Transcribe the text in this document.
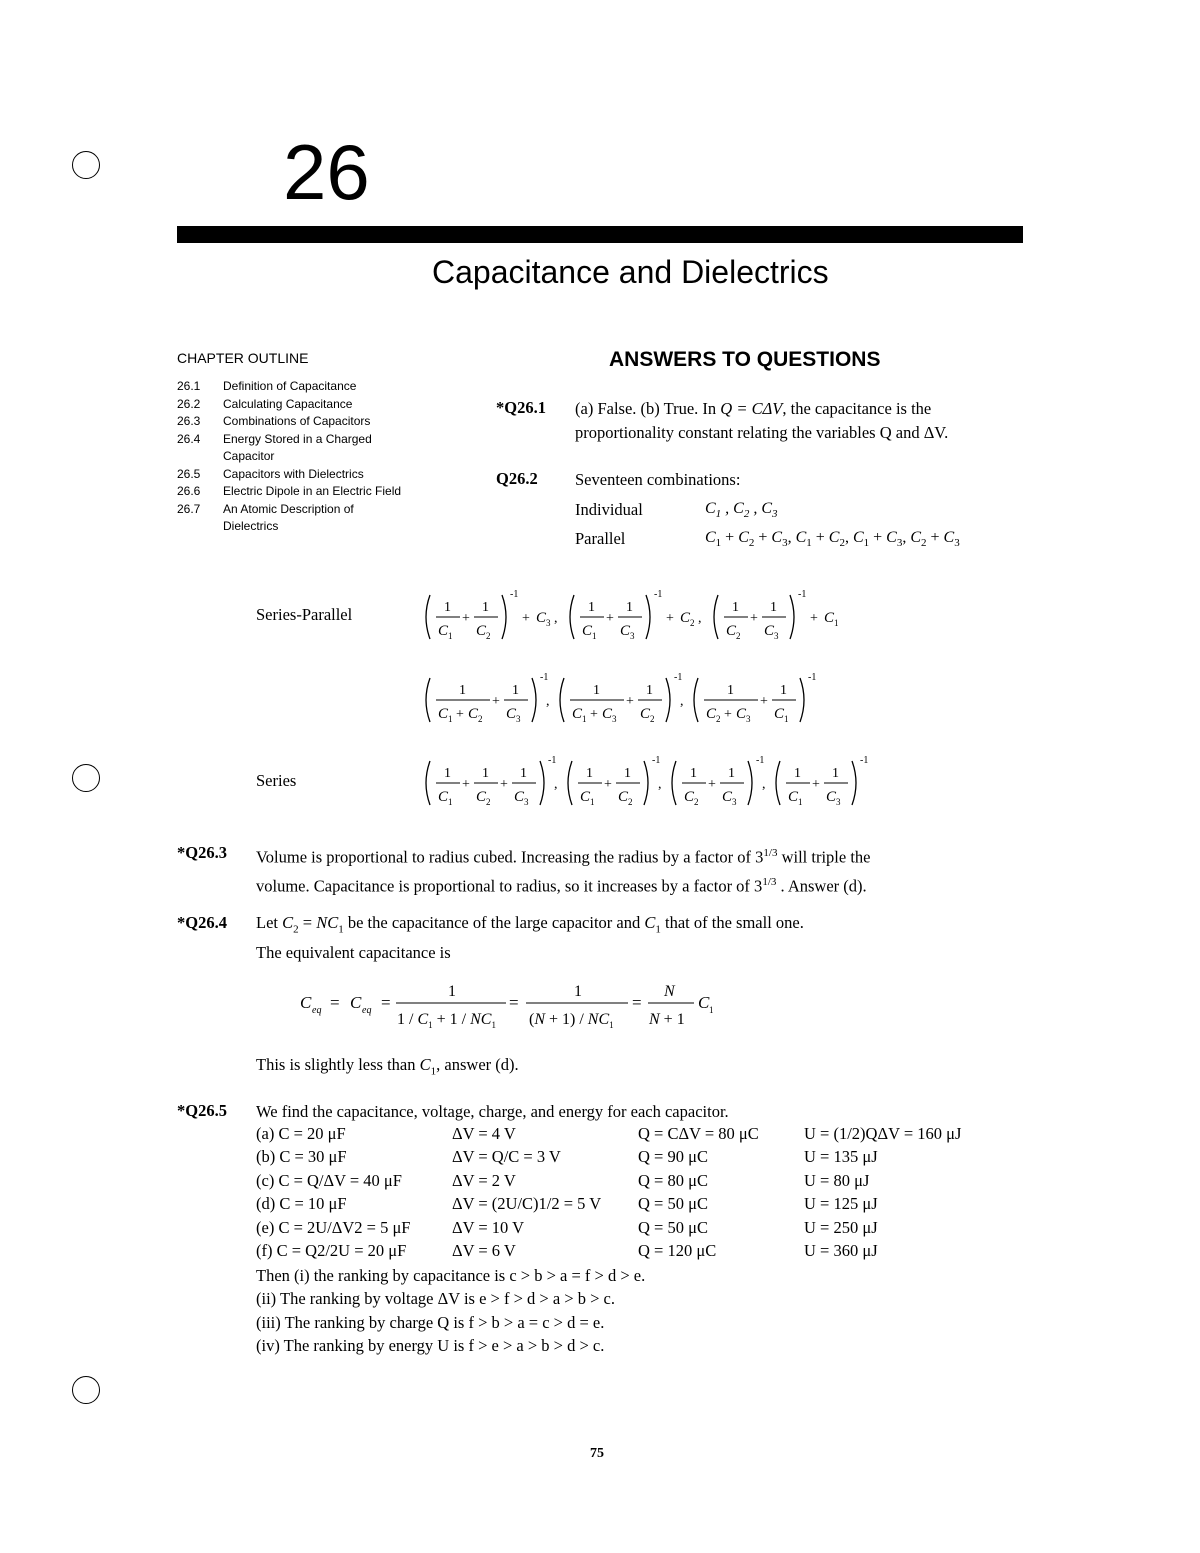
26
Capacitance and Dielectrics
CHAPTER OUTLINE
26.1	Definition of Capacitance
26.2	Calculating Capacitance
26.3	Combinations of Capacitors
26.4	Energy Stored in a Charged Capacitor
26.5	Capacitors with Dielectrics
26.6	Electric Dipole in an Electric Field
26.7	An Atomic Description of Dielectrics
ANSWERS TO QUESTIONS
*Q26.1 (a) False. (b) True. In Q = CΔV, the capacitance is the
proportionality constant relating the variables Q and ΔV.
Q26.2 Seventeen combinations:
Individual	$C_1$ , $C_2$ , $C_3$
Parallel	$C_1 + C_2 + C_3$, $C_1 + C_2$, $C_1 + C_3$, $C_2 + C_3$
Series-Parallel
Series
1
C 1
+
1
C 2
-1
+ C 3 ,
1
C 1
+
1
C 3
-1
+ C 2 ,
1
C 2
+
1
C 3
-1
+ C 1
1
C 1 + C 2
+
1
C 3
-1
,
1
C 1 + C 3
+
1
C 2
-1
,
1
C 2 + C 3
+
1
C 1
-1
1
C 1
+
1
C 2
+
1
C 3
-1
,
1
C 1
+
1
C 2
-1
,
1
C 2
+
1
C 3
-1
,
1
C 1
+
1
C 3
-1
*Q26.3 Volume is proportional to radius cubed. Increasing the radius by a factor of $3^{1/3}$ will triple the
volume. Capacitance is proportional to radius, so it increases by a factor of $3^{1/3}$ . Answer (d).
*Q26.4 Let $C_2 = NC_1$ be the capacitance of the large capacitor and $C_1$ that of the small one.
The equivalent capacitance is
C eq = C eq =
1
$1 / C_1 + 1 / NC_1$
=
1
$(N + 1) / NC_1$
=
N
N + 1
C 1
This is slightly less than $C_1$, answer (d).
*Q26.5 We find the capacitance, voltage, charge, and energy for each capacitor.
(a) C = 20 μF	ΔV = 4 V	Q = CΔV = 80 μC	U = (1/2)QΔV = 160 μJ
(b) C = 30 μF	ΔV = Q/C = 3 V	Q = 90 μC	U = 135 μJ
(c) C = Q/ΔV = 40 μF	ΔV = 2 V	Q = 80 μC	U = 80 μJ
(d) C = 10 μF	ΔV = (2U/C)1/2 = 5 V	Q = 50 μC	U = 125 μJ
(e) C = 2U/ΔV2 = 5 μF	ΔV = 10 V	Q = 50 μC	U = 250 μJ
(f) C = Q2/2U = 20 μF	ΔV = 6 V	Q = 120 μC	U = 360 μJ
Then (i) the ranking by capacitance is c > b > a = f > d > e.
(ii) The ranking by voltage ΔV is e > f > d > a > b > c.
(iii) The ranking by charge Q is f > b > a = c > d = e.
(iv) The ranking by energy U is f > e > a > b > d > c.
75
